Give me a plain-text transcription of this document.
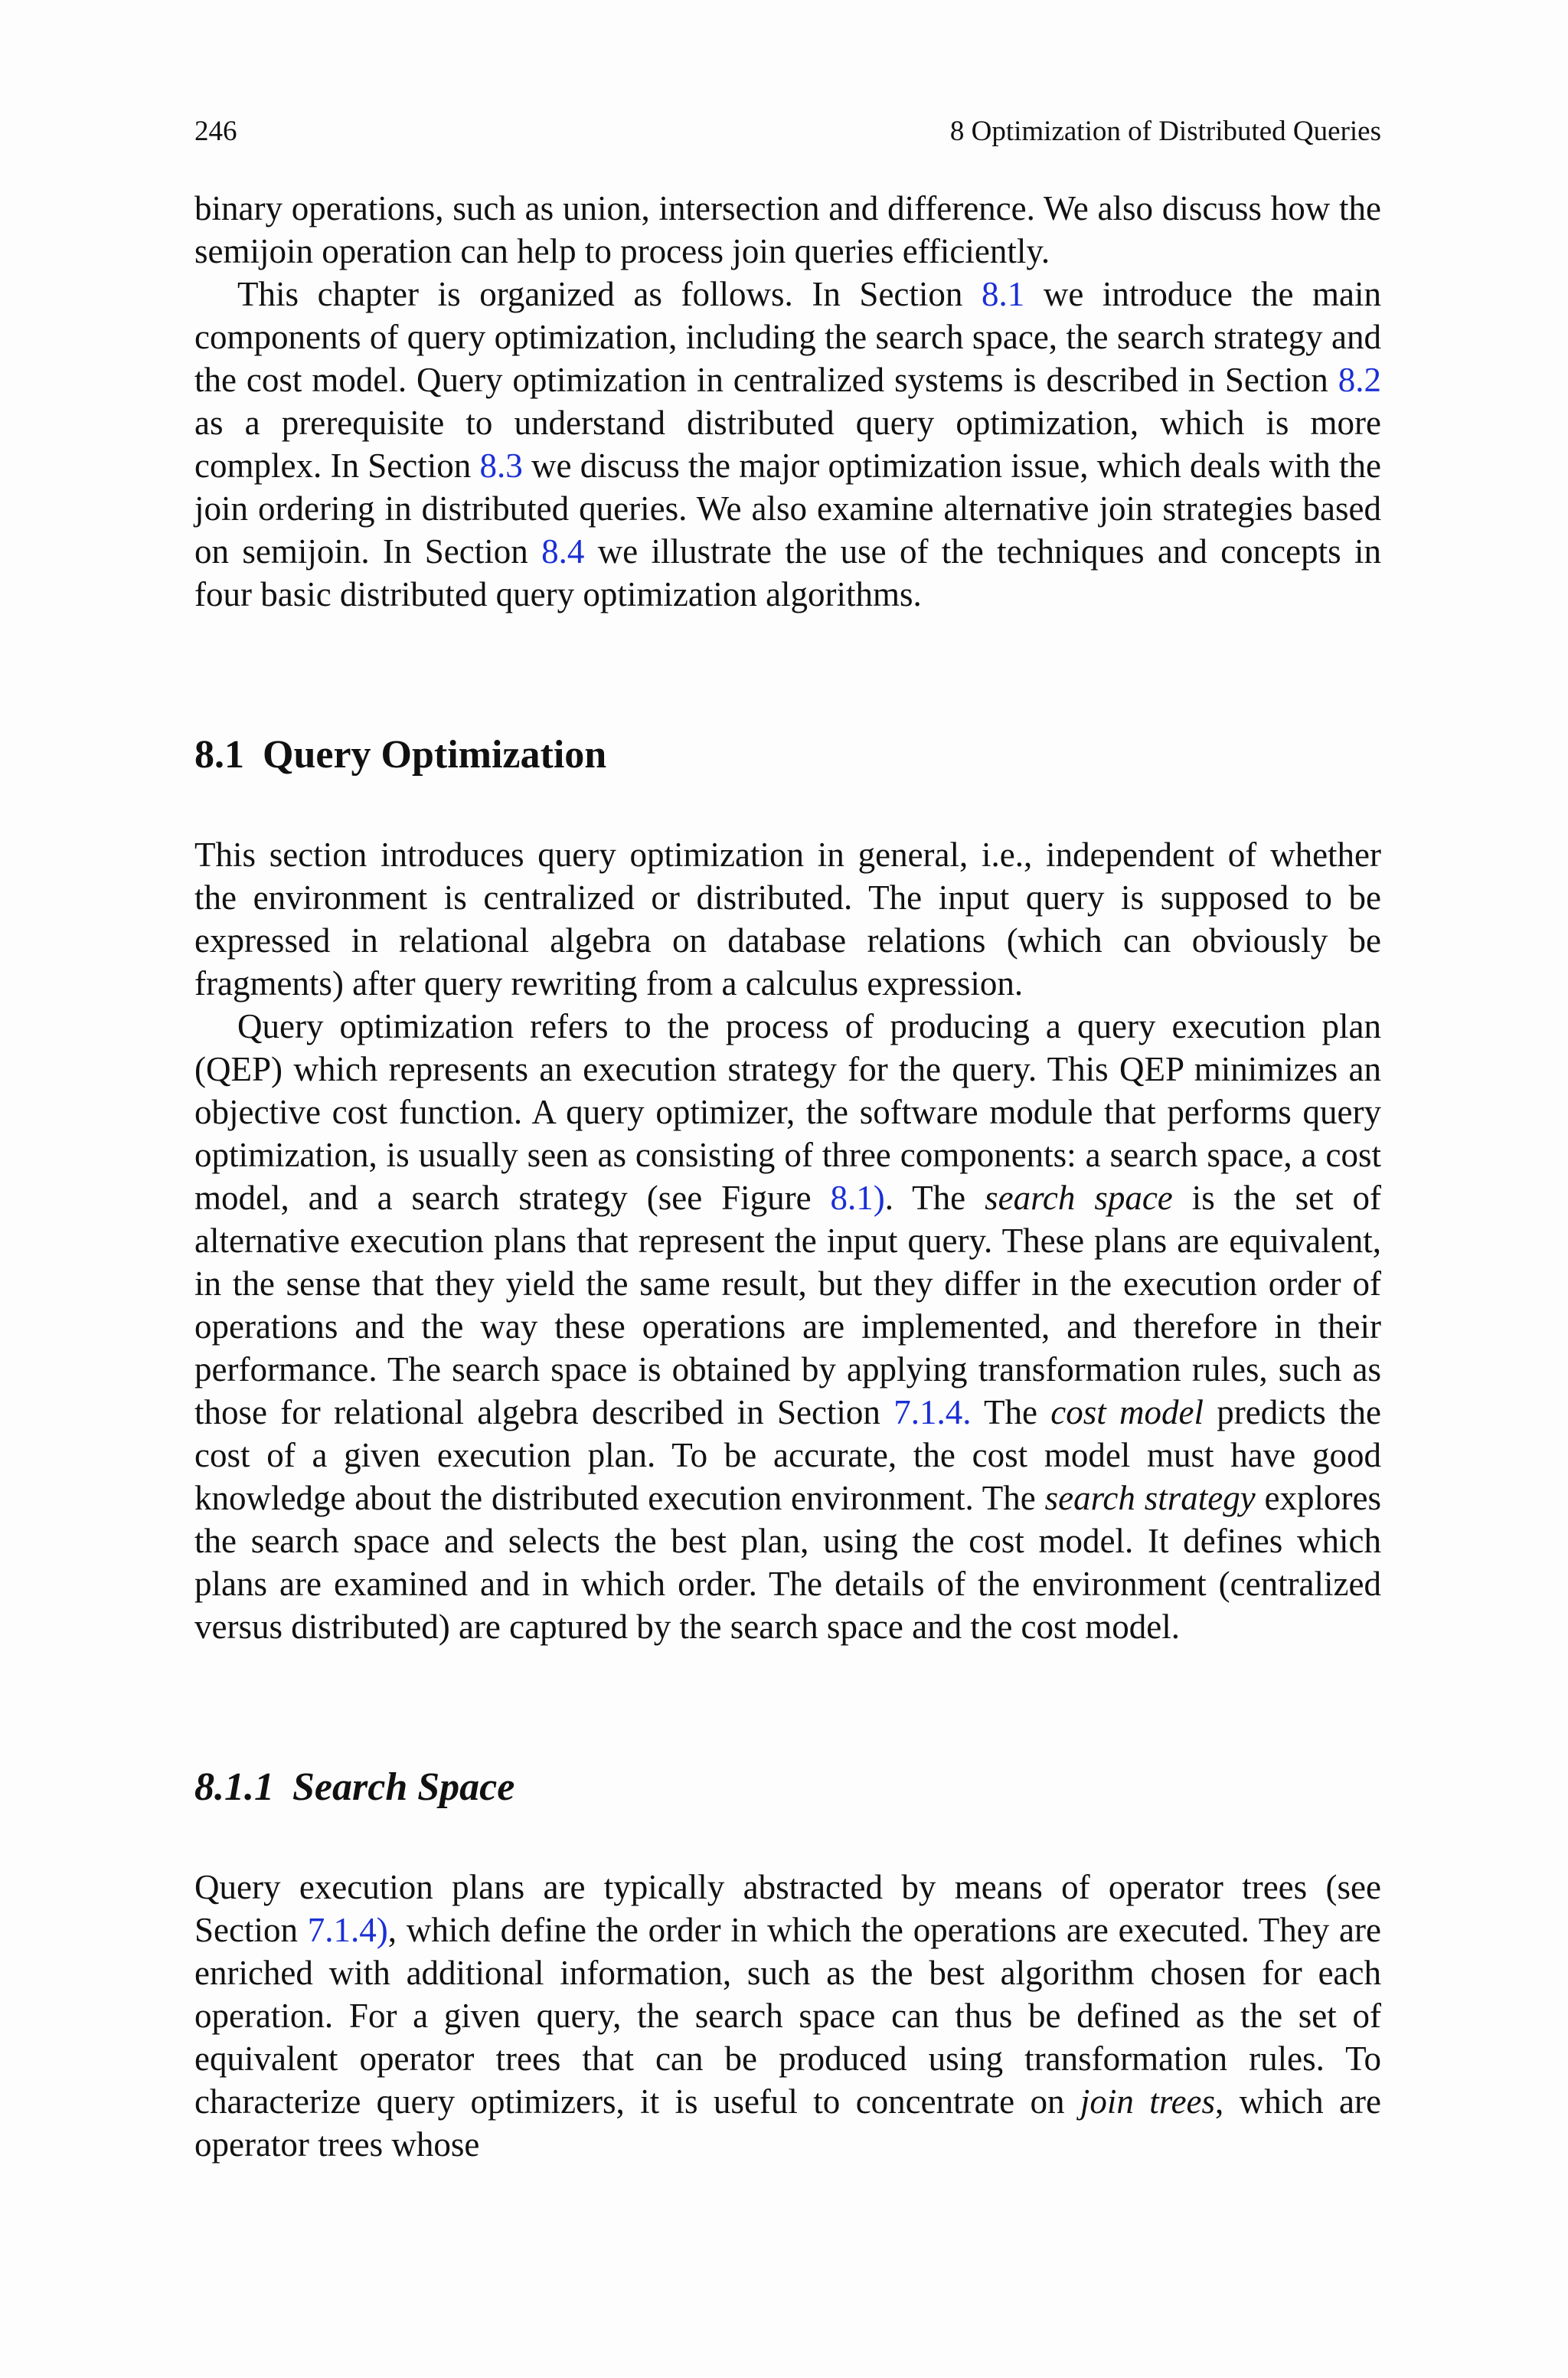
246	8 Optimization of Distributed Queries

binary operations, such as union, intersection and difference. We also discuss how the semijoin operation can help to process join queries efficiently.

This chapter is organized as follows. In Section 8.1 we introduce the main components of query optimization, including the search space, the search strategy and the cost model. Query optimization in centralized systems is described in Section 8.2 as a prerequisite to understand distributed query optimization, which is more complex. In Section 8.3 we discuss the major optimization issue, which deals with the join ordering in distributed queries. We also examine alternative join strategies based on semijoin. In Section 8.4 we illustrate the use of the techniques and concepts in four basic distributed query optimization algorithms.

8.1 Query Optimization

This section introduces query optimization in general, i.e., independent of whether the environment is centralized or distributed. The input query is supposed to be expressed in relational algebra on database relations (which can obviously be fragments) after query rewriting from a calculus expression.

Query optimization refers to the process of producing a query execution plan (QEP) which represents an execution strategy for the query. This QEP minimizes an objective cost function. A query optimizer, the software module that performs query optimization, is usually seen as consisting of three components: a search space, a cost model, and a search strategy (see Figure 8.1). The search space is the set of alternative execution plans that represent the input query. These plans are equivalent, in the sense that they yield the same result, but they differ in the execution order of operations and the way these operations are implemented, and therefore in their performance. The search space is obtained by applying transformation rules, such as those for relational algebra described in Section 7.1.4. The cost model predicts the cost of a given execution plan. To be accurate, the cost model must have good knowledge about the distributed execution environment. The search strategy explores the search space and selects the best plan, using the cost model. It defines which plans are examined and in which order. The details of the environment (centralized versus distributed) are captured by the search space and the cost model.

8.1.1 Search Space

Query execution plans are typically abstracted by means of operator trees (see Section 7.1.4), which define the order in which the operations are executed. They are enriched with additional information, such as the best algorithm chosen for each operation. For a given query, the search space can thus be defined as the set of equivalent operator trees that can be produced using transformation rules. To characterize query optimizers, it is useful to concentrate on join trees, which are operator trees whose
